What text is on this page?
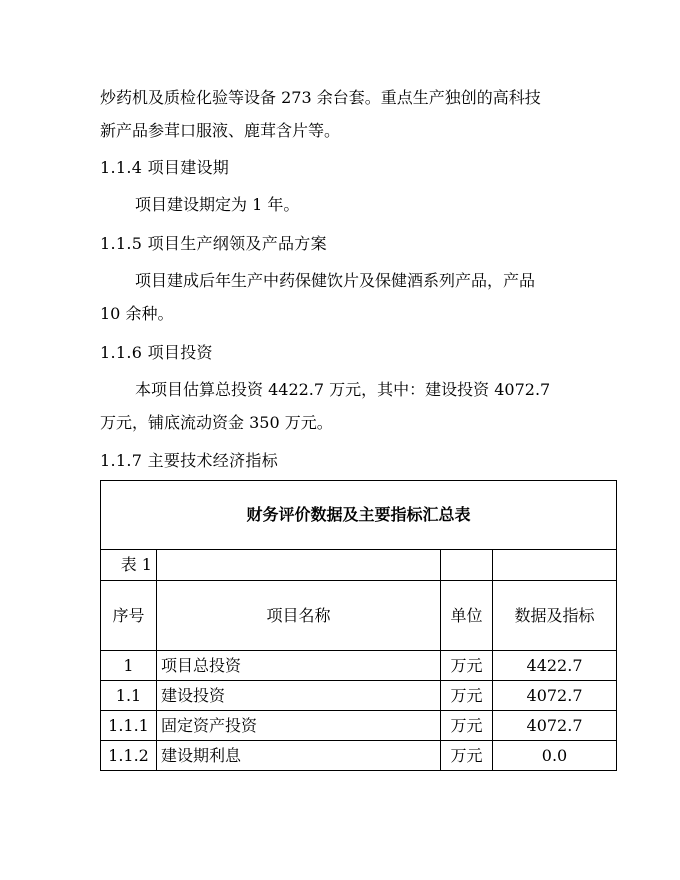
炒药机及质检化验等设备 273 余台套。重点生产独创的高科技
新产品参茸口服液、鹿茸含片等。
1.1.4 项目建设期
项目建设期定为 1 年。
1.1.5 项目生产纲领及产品方案
项目建成后年生产中药保健饮片及保健酒系列产品，产品
10 余种。
1.1.6 项目投资
本项目估算总投资 4422.7 万元，其中：建设投资 4072.7
万元，铺底流动资金 350 万元。
1.1.7 主要技术经济指标
财务评价数据及主要指标汇总表			
表 1			
序号	项目名称	单位	数据及指标
1	项目总投资	万元	4422.7
1.1	建设投资	万元	4072.7
1.1.1	固定资产投资	万元	4072.7
1.1.2	建设期利息	万元	0.0
